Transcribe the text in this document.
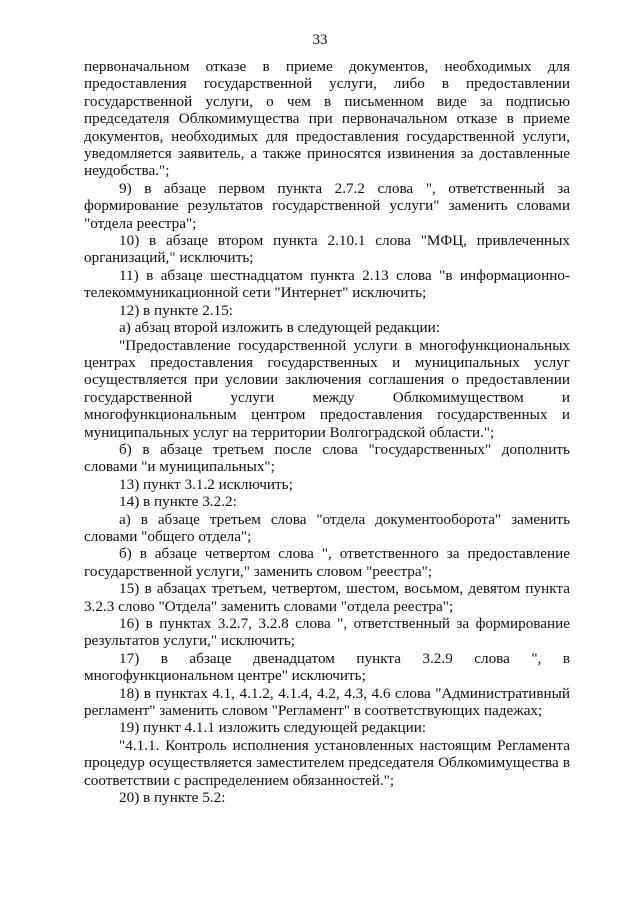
33

первоначальном отказе в приеме документов, необходимых для предоставления государственной услуги, либо в предоставлении государственной услуги, о чем в письменном виде за подписью председателя Облкомимущества при первоначальном отказе в приеме документов, необходимых для предоставления государственной услуги, уведомляется заявитель, а также приносятся извинения за доставленные неудобства.";

9) в абзаце первом пункта 2.7.2 слова ", ответственный за формирование результатов государственной услуги" заменить словами "отдела реестра";

10) в абзаце втором пункта 2.10.1 слова "МФЦ, привлеченных организаций," исключить;

11) в абзаце шестнадцатом пункта 2.13 слова "в информационно-телекоммуникационной сети "Интернет" исключить;

12) в пункте 2.15:

а) абзац второй изложить в следующей редакции:

"Предоставление государственной услуги в многофункциональных центрах предоставления государственных и муниципальных услуг осуществляется при условии заключения соглашения о предоставлении государственной услуги между Облкомимуществом и многофункциональным центром предоставления государственных и муниципальных услуг на территории Волгоградской области.";

б) в абзаце третьем после слова "государственных" дополнить словами "и муниципальных";

13) пункт 3.1.2 исключить;

14) в пункте 3.2.2:

а) в абзаце третьем слова "отдела документооборота" заменить словами "общего отдела";

б) в абзаце четвертом слова ", ответственного за предоставление государственной услуги," заменить словом "реестра";

15) в абзацах третьем, четвертом, шестом, восьмом, девятом пункта 3.2.3 слово "Отдела" заменить словами "отдела реестра";

16) в пунктах 3.2.7, 3.2.8 слова ", ответственный за формирование результатов услуги," исключить;

17) в абзаце двенадцатом пункта 3.2.9 слова ", в многофункциональном центре" исключить;

18) в пунктах 4.1, 4.1.2, 4.1.4, 4.2, 4.3, 4.6 слова "Административный регламент" заменить словом "Регламент" в соответствующих падежах;

19) пункт 4.1.1 изложить следующей редакции:

"4.1.1. Контроль исполнения установленных настоящим Регламента процедур осуществляется заместителем председателя Облкомимущества в соответствии с распределением обязанностей.";

20) в пункте 5.2:
